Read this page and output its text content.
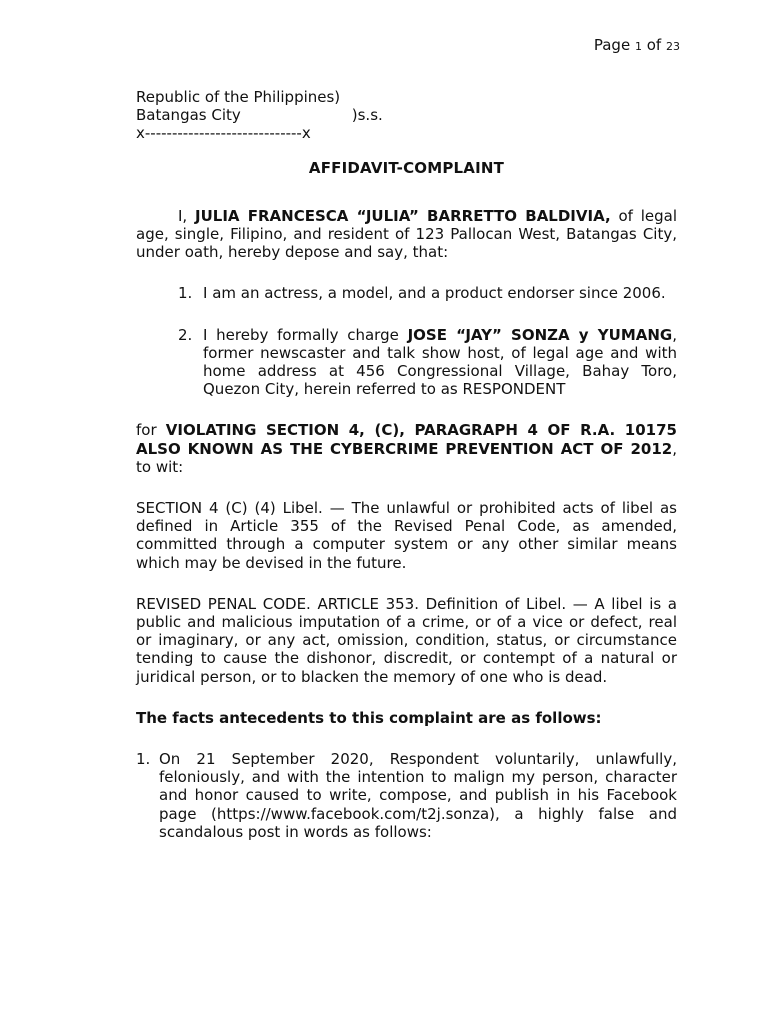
Page 1 of 23
Republic of the Philippines)
Batangas City	)s.s.
x-----------------------------x
AFFIDAVIT-COMPLAINT

I, JULIA FRANCESCA “JULIA” BARRETTO BALDIVIA, of legal age, single, Filipino, and resident of 123 Pallocan West, Batangas City, under oath, hereby depose and say, that:

1. I am an actress, a model, and a product endorser since 2006.
2. I hereby formally charge JOSE “JAY” SONZA y YUMANG, former newscaster and talk show host, of legal age and with home address at 456 Congressional Village, Bahay Toro, Quezon City, herein referred to as RESPONDENT

for VIOLATING SECTION 4, (C), PARAGRAPH 4 OF R.A. 10175 ALSO KNOWN AS THE CYBERCRIME PREVENTION ACT OF 2012, to wit:

SECTION 4 (C) (4) Libel. — The unlawful or prohibited acts of libel as defined in Article 355 of the Revised Penal Code, as amended, committed through a computer system or any other similar means which may be devised in the future.

REVISED PENAL CODE. ARTICLE 353. Definition of Libel. — A libel is a public and malicious imputation of a crime, or of a vice or defect, real or imaginary, or any act, omission, condition, status, or circumstance tending to cause the dishonor, discredit, or contempt of a natural or juridical person, or to blacken the memory of one who is dead.

The facts antecedents to this complaint are as follows:

1. On 21 September 2020, Respondent voluntarily, unlawfully, feloniously, and with the intention to malign my person, character and honor caused to write, compose, and publish in his Facebook page (https://www.facebook.com/t2j.sonza), a highly false and scandalous post in words as follows:
